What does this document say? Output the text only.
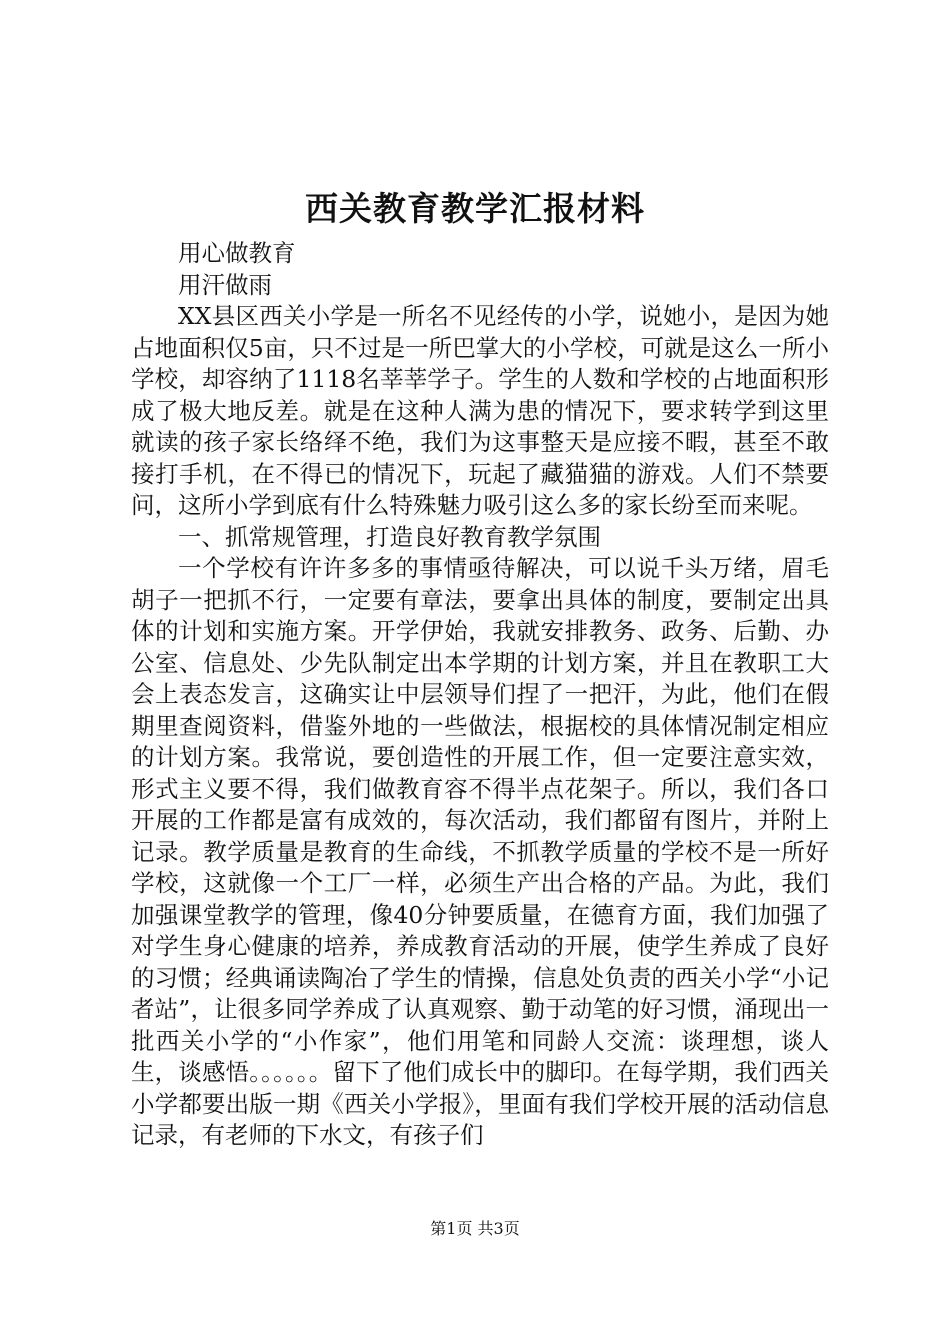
西关教育教学汇报材料

用心做教育

用汗做雨

XX县区西关小学是一所名不见经传的小学，说她小，是因为她占地面积仅5亩，只不过是一所巴掌大的小学校，可就是这么一所小学校，却容纳了1118名莘莘学子。学生的人数和学校的占地面积形成了极大地反差。就是在这种人满为患的情况下，要求转学到这里就读的孩子家长络绎不绝，我们为这事整天是应接不暇，甚至不敢接打手机，在不得已的情况下，玩起了藏猫猫的游戏。人们不禁要问，这所小学到底有什么特殊魅力吸引这么多的家长纷至而来呢。

一、抓常规管理，打造良好教育教学氛围

一个学校有许许多多的事情亟待解决，可以说千头万绪，眉毛胡子一把抓不行，一定要有章法，要拿出具体的制度，要制定出具体的计划和实施方案。开学伊始，我就安排教务、政务、后勤、办公室、信息处、少先队制定出本学期的计划方案，并且在教职工大会上表态发言，这确实让中层领导们捏了一把汗，为此，他们在假期里查阅资料，借鉴外地的一些做法，根据校的具体情况制定相应的计划方案。我常说，要创造性的开展工作，但一定要注意实效，形式主义要不得，我们做教育容不得半点花架子。所以，我们各口开展的工作都是富有成效的，每次活动，我们都留有图片，并附上记录。教学质量是教育的生命线，不抓教学质量的学校不是一所好学校，这就像一个工厂一样，必须生产出合格的产品。为此，我们加强课堂教学的管理，像40分钟要质量，在德育方面，我们加强了对学生身心健康的培养，养成教育活动的开展，使学生养成了良好的习惯；经典诵读陶冶了学生的情操，信息处负责的西关小学“小记者站”，让很多同学养成了认真观察、勤于动笔的好习惯，涌现出一批西关小学的“小作家”，他们用笔和同龄人交流：谈理想，谈人生，谈感悟。。。。。。留下了他们成长中的脚印。在每学期，我们西关小学都要出版一期《西关小学报》，里面有我们学校开展的活动信息记录，有老师的下水文，有孩子们

第1页 共3页
